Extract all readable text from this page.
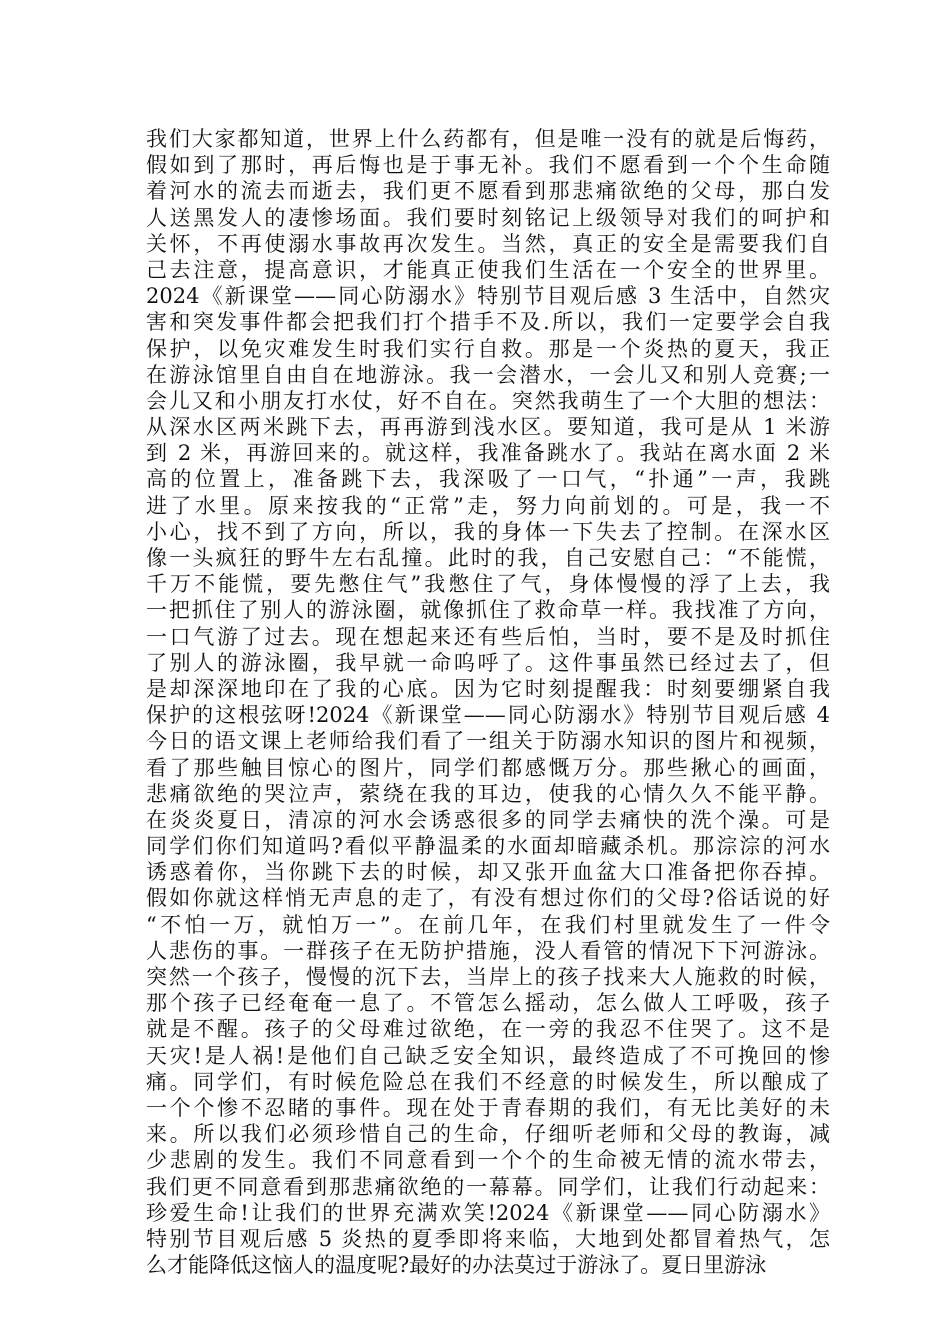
我们大家都知道，世界上什么药都有，但是唯一没有的就是后悔药，
假如到了那时，再后悔也是于事无补。我们不愿看到一个个生命随
着河水的流去而逝去，我们更不愿看到那悲痛欲绝的父母，那白发
人送黑发人的凄惨场面。我们要时刻铭记上级领导对我们的呵护和
关怀，不再使溺水事故再次发生。当然，真正的安全是需要我们自
己去注意，提高意识，才能真正使我们生活在一个安全的世界里。
2024《新课堂——同心防溺水》特别节目观后感 3 生活中，自然灾
害和突发事件都会把我们打个措手不及.所以，我们一定要学会自我
保护，以免灾难发生时我们实行自救。那是一个炎热的夏天，我正
在游泳馆里自由自在地游泳。我一会潜水，一会儿又和别人竞赛;一
会儿又和小朋友打水仗，好不自在。突然我萌生了一个大胆的想法：
从深水区两米跳下去，再再游到浅水区。要知道，我可是从 1 米游
到 2 米，再游回来的。就这样，我准备跳水了。我站在离水面 2 米
高的位置上，准备跳下去，我深吸了一口气，“扑通”一声，我跳
进了水里。原来按我的“正常”走，努力向前划的。可是，我一不
小心，找不到了方向，所以，我的身体一下失去了控制。在深水区
像一头疯狂的野牛左右乱撞。此时的我，自己安慰自己：“不能慌，
千万不能慌，要先憋住气”我憋住了气，身体慢慢的浮了上去，我
一把抓住了别人的游泳圈，就像抓住了救命草一样。我找准了方向，
一口气游了过去。现在想起来还有些后怕，当时，要不是及时抓住
了别人的游泳圈，我早就一命呜呼了。这件事虽然已经过去了，但
是却深深地印在了我的心底。因为它时刻提醒我：时刻要绷紧自我
保护的这根弦呀!2024《新课堂——同心防溺水》特别节目观后感 4
今日的语文课上老师给我们看了一组关于防溺水知识的图片和视频，
看了那些触目惊心的图片，同学们都感慨万分。那些揪心的画面，
悲痛欲绝的哭泣声，萦绕在我的耳边，使我的心情久久不能平静。
在炎炎夏日，清凉的河水会诱惑很多的同学去痛快的洗个澡。可是
同学们你们知道吗?看似平静温柔的水面却暗藏杀机。那淙淙的河水
诱惑着你，当你跳下去的时候，却又张开血盆大口准备把你吞掉。
假如你就这样悄无声息的走了，有没有想过你们的父母?俗话说的好
“不怕一万，就怕万一”。在前几年，在我们村里就发生了一件令
人悲伤的事。一群孩子在无防护措施，没人看管的情况下下河游泳。
突然一个孩子，慢慢的沉下去，当岸上的孩子找来大人施救的时候，
那个孩子已经奄奄一息了。不管怎么摇动，怎么做人工呼吸，孩子
就是不醒。孩子的父母难过欲绝，在一旁的我忍不住哭了。这不是
天灾!是人祸!是他们自己缺乏安全知识，最终造成了不可挽回的惨
痛。同学们，有时候危险总在我们不经意的时候发生，所以酿成了
一个个惨不忍睹的事件。现在处于青春期的我们，有无比美好的未
来。所以我们必须珍惜自己的生命，仔细听老师和父母的教诲，减
少悲剧的发生。我们不同意看到一个个的生命被无情的流水带去，
我们更不同意看到那悲痛欲绝的一幕幕。同学们，让我们行动起来：
珍爱生命!让我们的世界充满欢笑!2024《新课堂——同心防溺水》
特别节目观后感 5 炎热的夏季即将来临，大地到处都冒着热气，怎
么才能降低这恼人的温度呢?最好的办法莫过于游泳了。夏日里游泳
